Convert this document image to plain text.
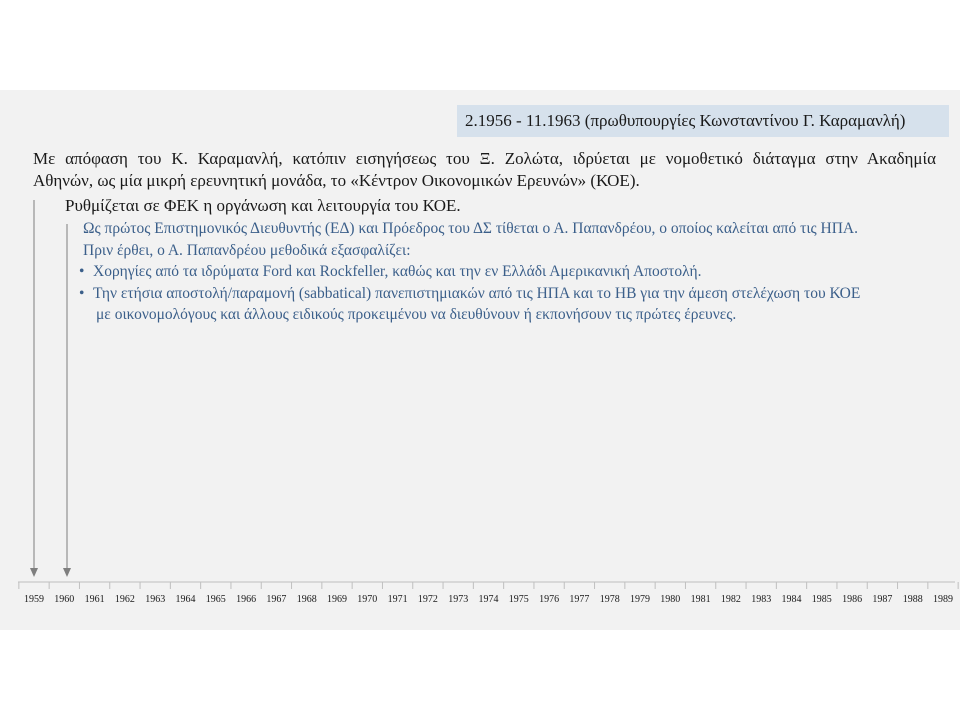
2.1956 - 11.1963 (πρωθυπουργίες Κωνσταντίνου Γ. Καραμανλή)
Με απόφαση του Κ. Καραμανλή, κατόπιν εισηγήσεως του Ξ. Ζολώτα, ιδρύεται με νομοθετικό διάταγμα στην Ακαδημία
Αθηνών, ως μία μικρή ερευνητική μονάδα, το «Κέντρον Οικονομικών Ερευνών» (ΚΟΕ).
Ρυθμίζεται σε ΦΕΚ η οργάνωση και λειτουργία του ΚΟΕ.
Ως πρώτος Επιστημονικός Διευθυντής (ΕΔ) και Πρόεδρος του ΔΣ τίθεται ο Α. Παπανδρέου, ο οποίος καλείται από τις ΗΠΑ.
Πριν έρθει, ο Α. Παπανδρέου μεθοδικά εξασφαλίζει:
• Χορηγίες από τα ιδρύματα Ford και Rockfeller, καθώς και την εν Ελλάδι Αμερικανική Αποστολή.
• Την ετήσια αποστολή/παραμονή (sabbatical) πανεπιστημιακών από τις ΗΠΑ και το ΗΒ για την άμεση στελέχωση του ΚΟΕ
με οικονομολόγους και άλλους ειδικούς προκειμένου να διευθύνουν ή εκπονήσουν τις πρώτες έρευνες.
1959 1960 1961 1962 1963 1964 1965 1966 1967 1968 1969 1970 1971 1972 1973 1974 1975 1976 1977 1978 1979 1980 1981 1982 1983 1984 1985 1986 1987 1988 1989
